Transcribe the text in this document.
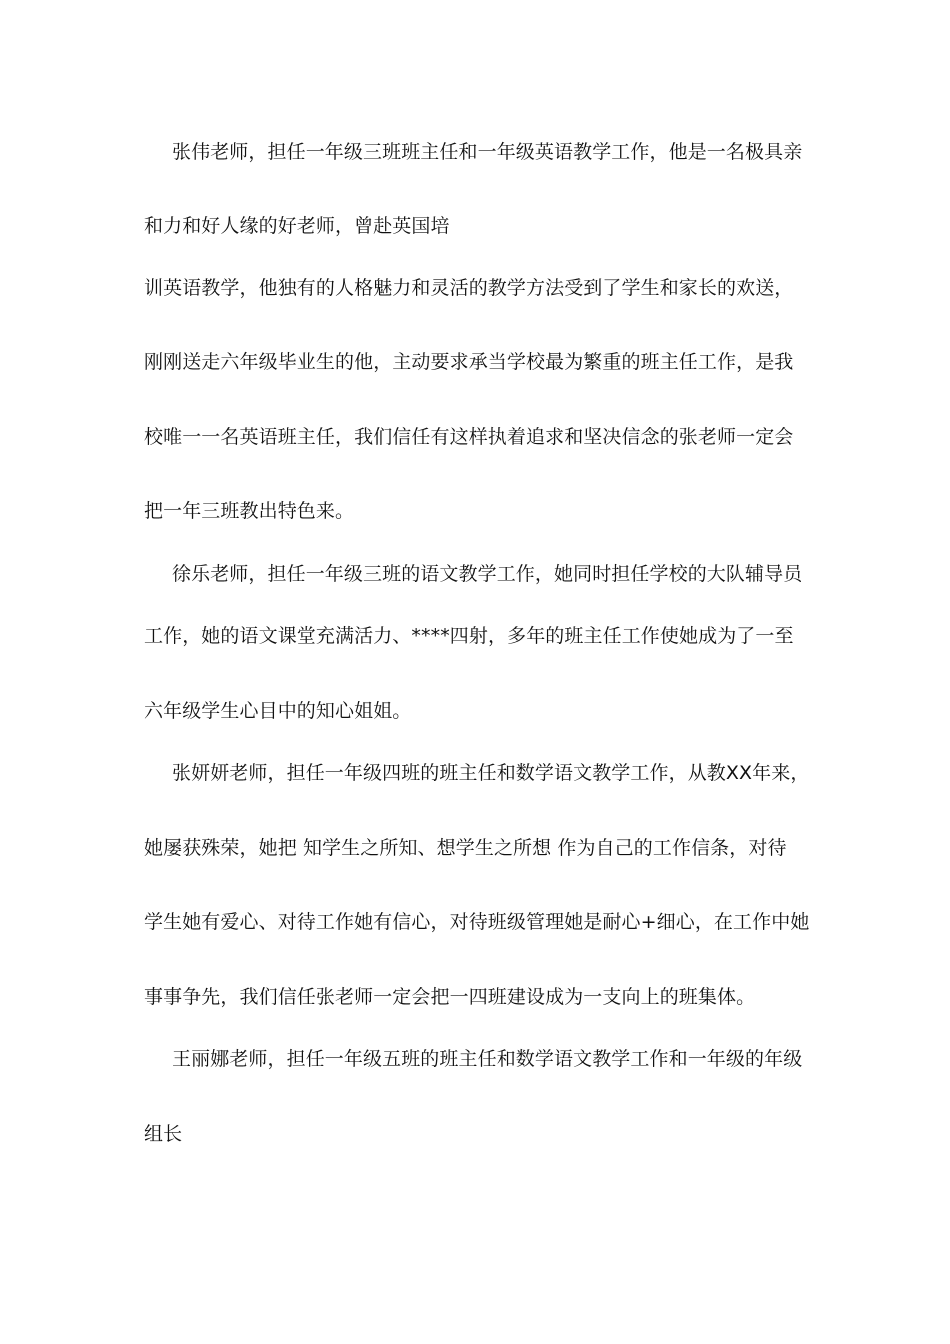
张伟老师，担任一年级三班班主任和一年级英语教学工作，他是一名极具亲
和力和好人缘的好老师，曾赴英国培
训英语教学，他独有的人格魅力和灵活的教学方法受到了学生和家长的欢送，
刚刚送走六年级毕业生的他，主动要求承当学校最为繁重的班主任工作，是我
校唯一一名英语班主任，我们信任有这样执着追求和坚决信念的张老师一定会
把一年三班教出特色来。
徐乐老师，担任一年级三班的语文教学工作，她同时担任学校的大队辅导员
工作，她的语文课堂充满活力、****四射，多年的班主任工作使她成为了一至
六年级学生心目中的知心姐姐。
张妍妍老师，担任一年级四班的班主任和数学语文教学工作，从教XX年来，
她屡获殊荣，她把 知学生之所知、想学生之所想 作为自己的工作信条，对待
学生她有爱心、对待工作她有信心，对待班级管理她是耐心+细心，在工作中她
事事争先，我们信任张老师一定会把一四班建设成为一支向上的班集体。
王丽娜老师，担任一年级五班的班主任和数学语文教学工作和一年级的年级
组长
